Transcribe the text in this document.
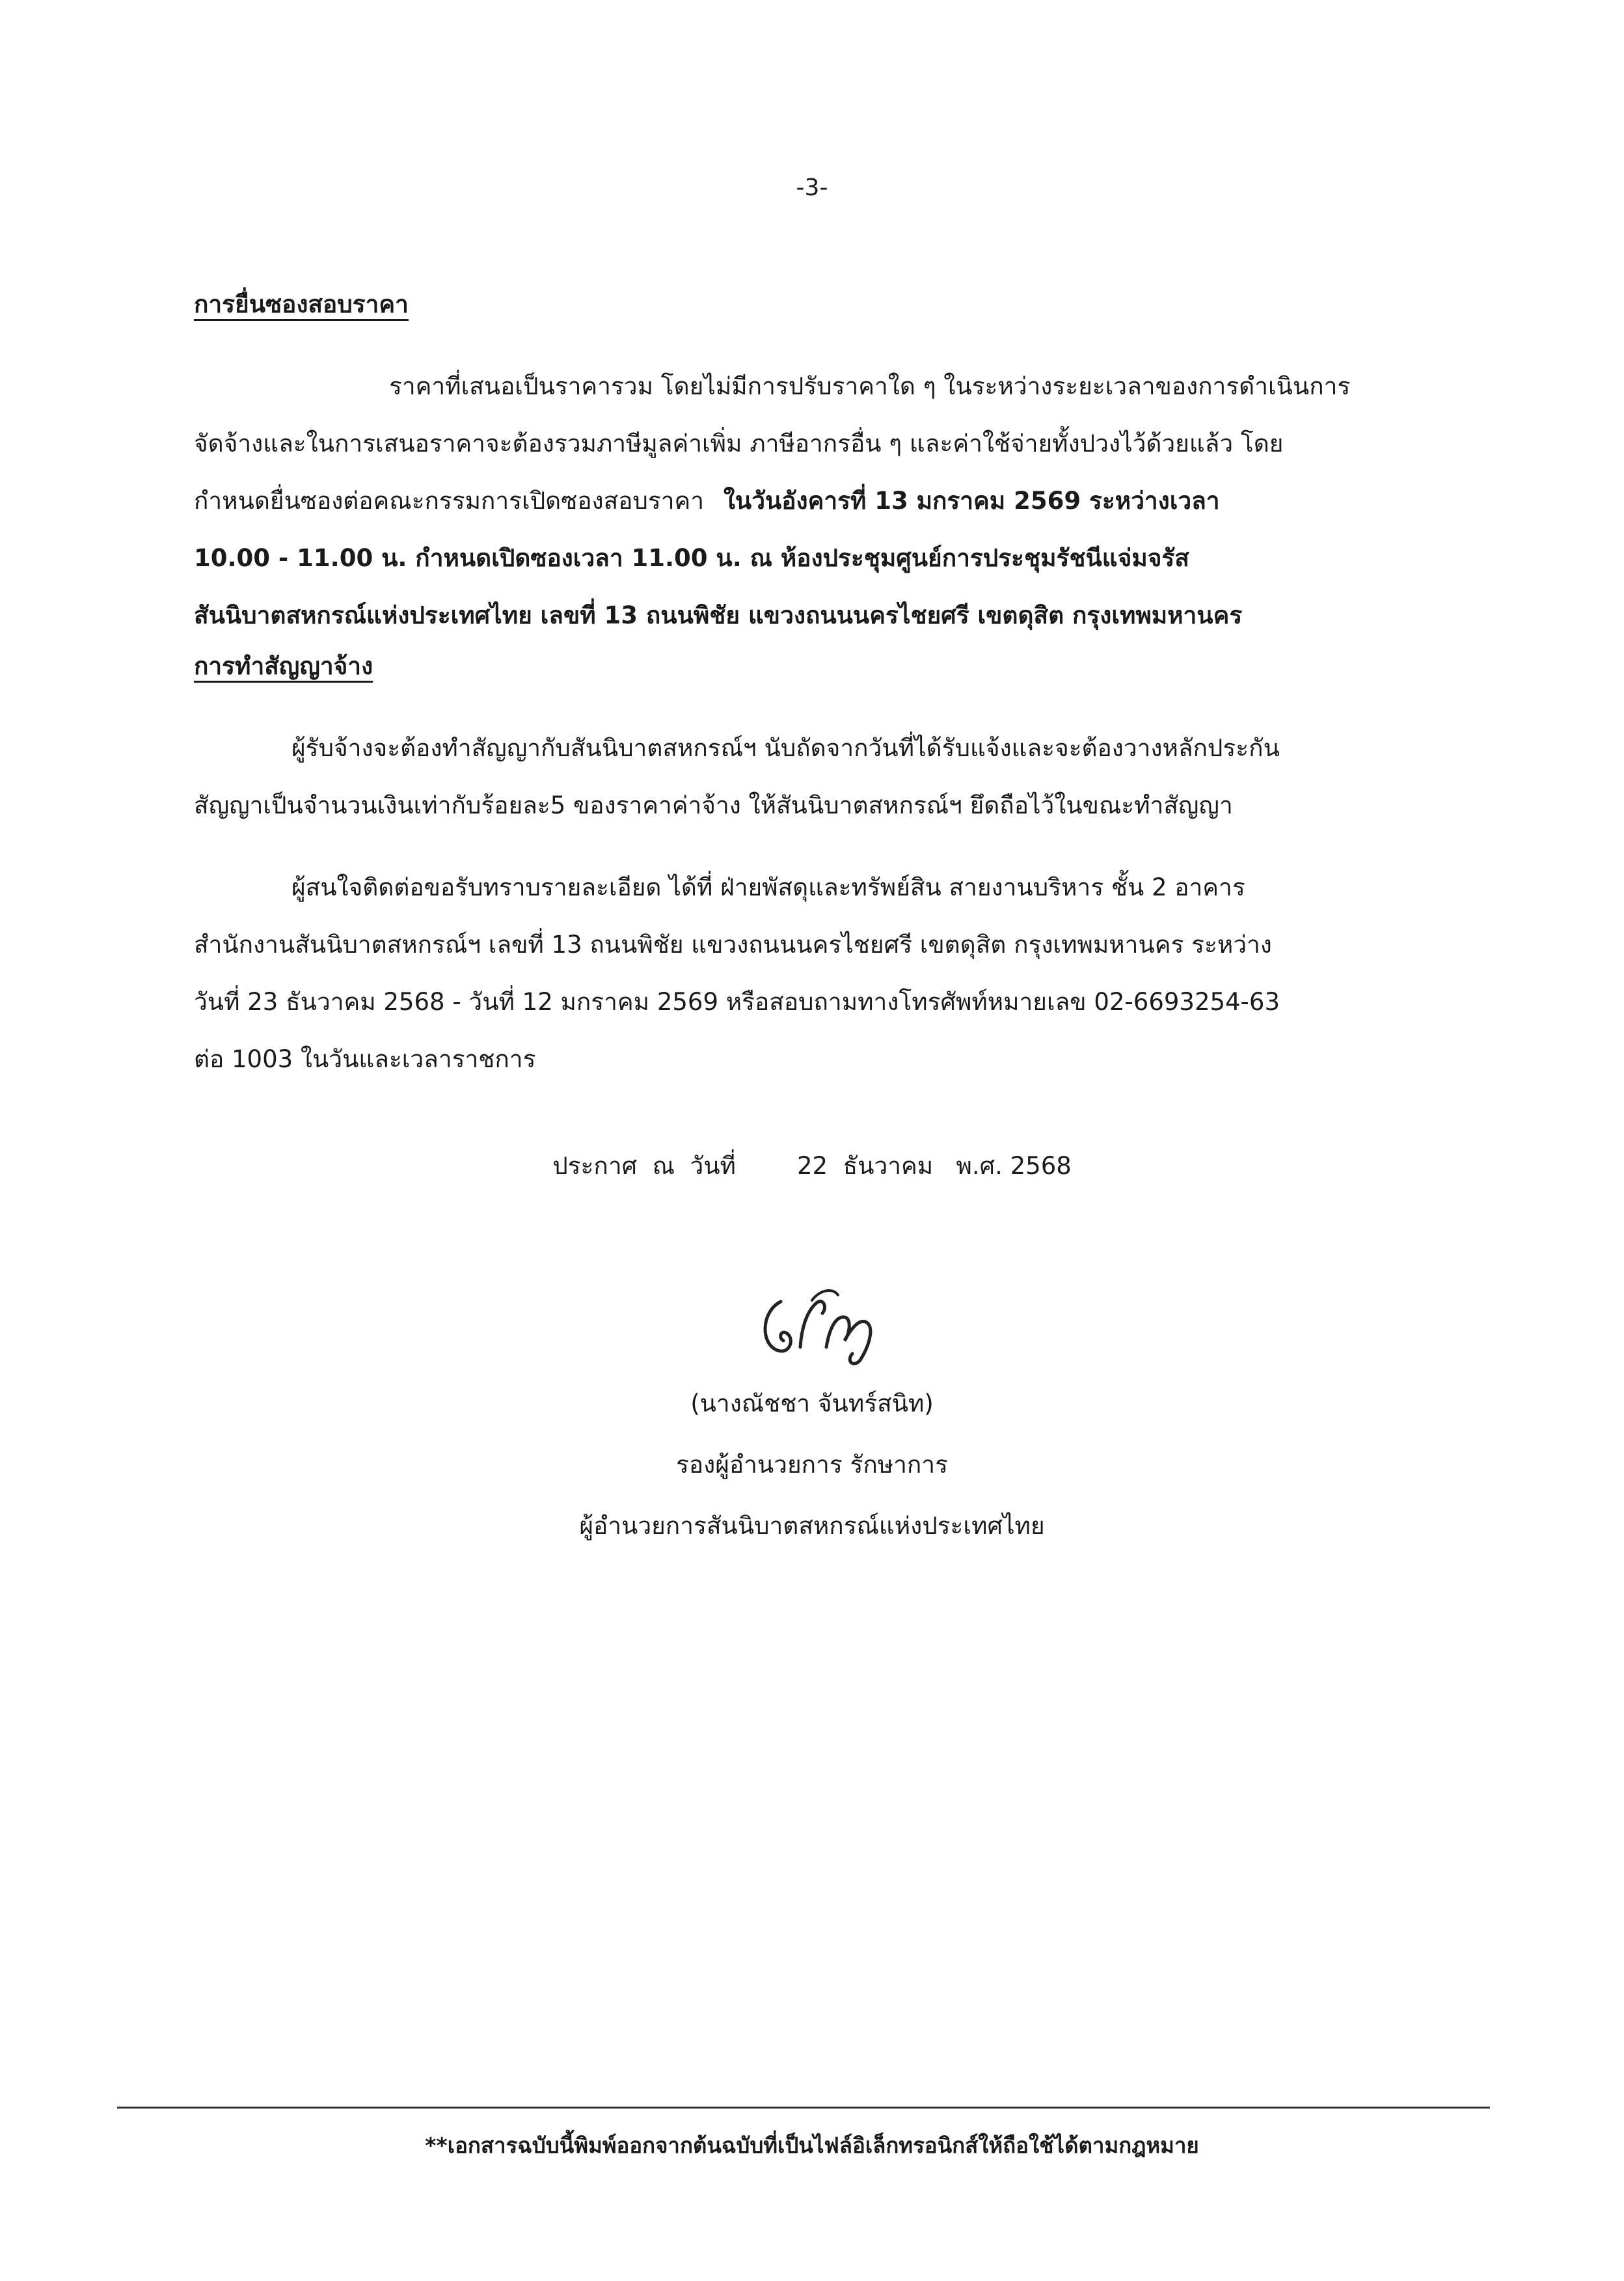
-3-
การยื่นซองสอบราคา
ราคาที่เสนอเป็นราคารวม โดยไม่มีการปรับราคาใด ๆ ในระหว่างระยะเวลาของการดำเนินการ
จัดจ้างและในการเสนอราคาจะต้องรวมภาษีมูลค่าเพิ่ม ภาษีอากรอื่น ๆ และค่าใช้จ่ายทั้งปวงไว้ด้วยแล้ว โดย
กำหนดยื่นซองต่อคณะกรรมการเปิดซองสอบราคา ในวันอังคารที่ 13 มกราคม 2569 ระหว่างเวลา
10.00 - 11.00 น. กำหนดเปิดซองเวลา 11.00 น. ณ ห้องประชุมศูนย์การประชุมรัชนีแจ่มจรัส
สันนิบาตสหกรณ์แห่งประเทศไทย เลขที่ 13 ถนนพิชัย แขวงถนนนครไชยศรี เขตดุสิต กรุงเทพมหานคร
การทำสัญญาจ้าง
ผู้รับจ้างจะต้องทำสัญญากับสันนิบาตสหกรณ์ฯ นับถัดจากวันที่ได้รับแจ้งและจะต้องวางหลักประกัน
สัญญาเป็นจำนวนเงินเท่ากับร้อยละ5 ของราคาค่าจ้าง ให้สันนิบาตสหกรณ์ฯ ยึดถือไว้ในขณะทำสัญญา
ผู้สนใจติดต่อขอรับทราบรายละเอียด ได้ที่ ฝ่ายพัสดุและทรัพย์สิน สายงานบริหาร ชั้น 2 อาคาร
สำนักงานสันนิบาตสหกรณ์ฯ เลขที่ 13 ถนนพิชัย แขวงถนนนครไชยศรี เขตดุสิต กรุงเทพมหานคร ระหว่าง
วันที่ 23 ธันวาคม 2568 - วันที่ 12 มกราคม 2569 หรือสอบถามทางโทรศัพท์หมายเลข 02-6693254-63
ต่อ 1003 ในวันและเวลาราชการ
ประกาศ  ณ  วันที่        22  ธันวาคม   พ.ศ. 2568
(นางณัชชา จันทร์สนิท)
รองผู้อำนวยการ รักษาการ
ผู้อำนวยการสันนิบาตสหกรณ์แห่งประเทศไทย
**เอกสารฉบับนี้พิมพ์ออกจากต้นฉบับที่เป็นไฟล์อิเล็กทรอนิกส์ให้ถือใช้ได้ตามกฎหมาย
